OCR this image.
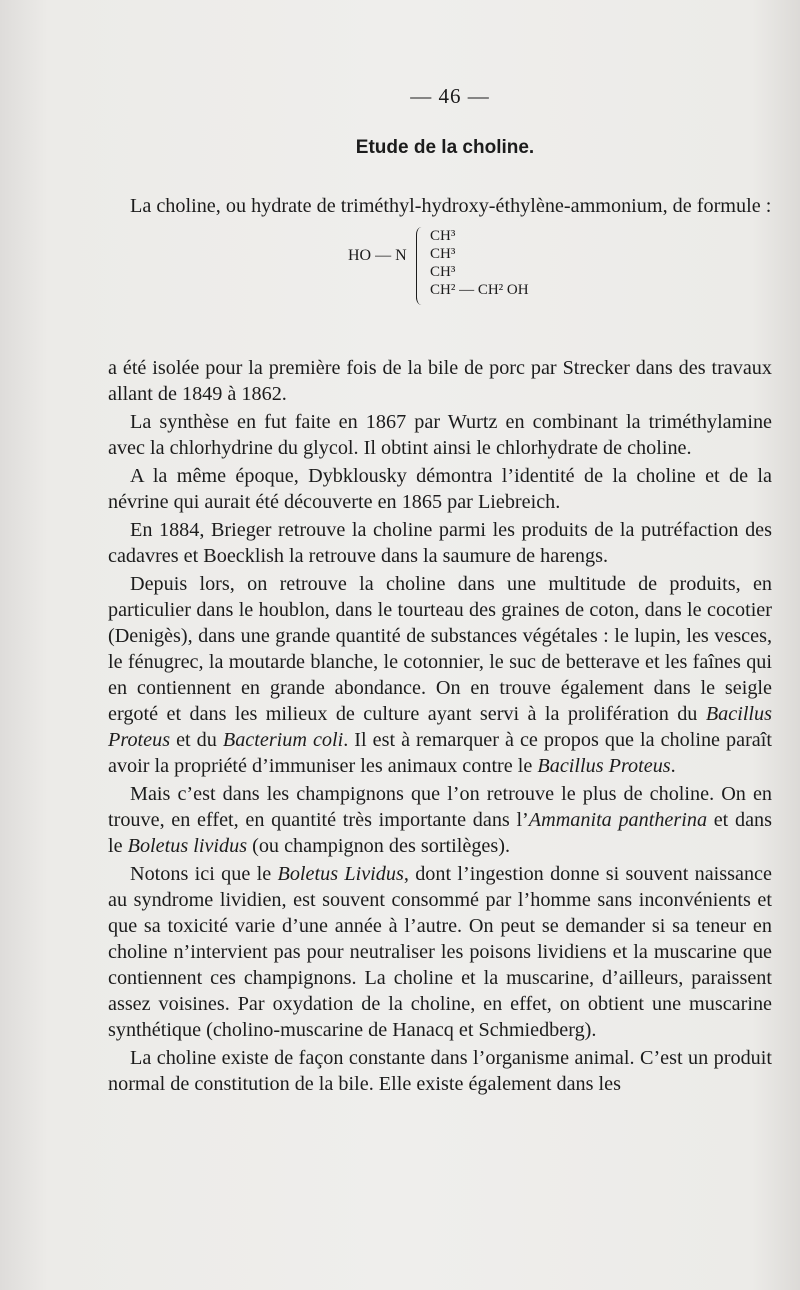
— 46 —
Etude de la choline.

La choline, ou hydrate de triméthyl-hydroxy-éthylène-ammonium, de formule :

HO — N
CH³
CH³
CH³
CH² — CH² OH

a été isolée pour la première fois de la bile de porc par Strecker dans des travaux allant de 1849 à 1862.

La synthèse en fut faite en 1867 par Wurtz en combinant la triméthylamine avec la chlorhydrine du glycol. Il obtint ainsi le chlorhydrate de choline.

A la même époque, Dybklousky démontra l’identité de la choline et de la névrine qui aurait été découverte en 1865 par Liebreich.

En 1884, Brieger retrouve la choline parmi les produits de la putréfaction des cadavres et Boecklish la retrouve dans la saumure de harengs.

Depuis lors, on retrouve la choline dans une multitude de produits, en particulier dans le houblon, dans le tourteau des graines de coton, dans le cocotier (Denigès), dans une grande quantité de substances végétales : le lupin, les vesces, le fénugrec, la moutarde blanche, le cotonnier, le suc de betterave et les faînes qui en contiennent en grande abondance. On en trouve également dans le seigle ergoté et dans les milieux de culture ayant servi à la prolifération du Bacillus Proteus et du Bacterium coli. Il est à remarquer à ce propos que la choline paraît avoir la propriété d’immuniser les animaux contre le Bacillus Proteus.

Mais c’est dans les champignons que l’on retrouve le plus de choline. On en trouve, en effet, en quantité très importante dans l’Ammanita pantherina et dans le Boletus lividus (ou champignon des sortilèges).

Notons ici que le Boletus Lividus, dont l’ingestion donne si souvent naissance au syndrome lividien, est souvent consommé par l’homme sans inconvénients et que sa toxicité varie d’une année à l’autre. On peut se demander si sa teneur en choline n’intervient pas pour neutraliser les poisons lividiens et la muscarine que contiennent ces champignons. La choline et la muscarine, d’ailleurs, paraissent assez voisines. Par oxydation de la choline, en effet, on obtient une muscarine synthétique (cholino-muscarine de Hanacq et Schmiedberg).

La choline existe de façon constante dans l’organisme animal. C’est un produit normal de constitution de la bile. Elle existe également dans les
